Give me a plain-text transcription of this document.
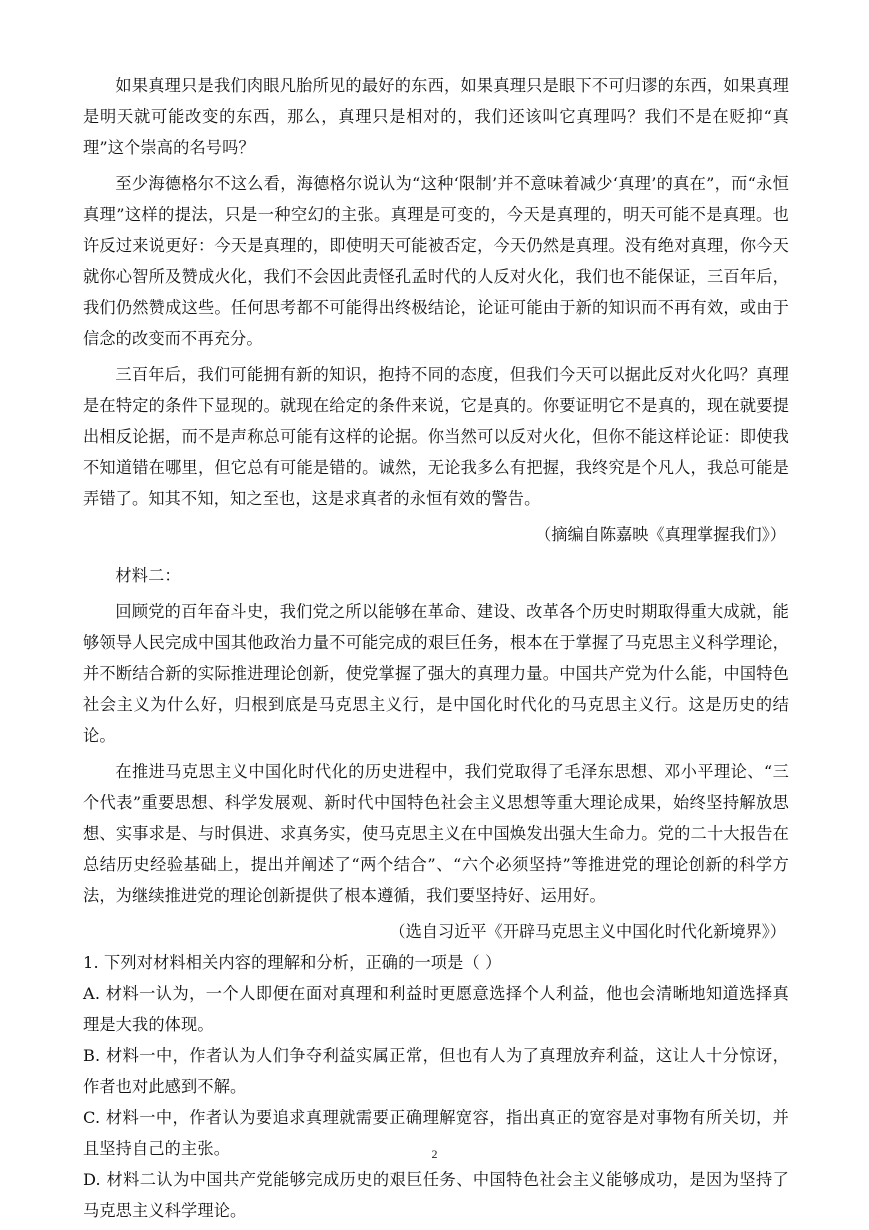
如果真理只是我们肉眼凡胎所见的最好的东西，如果真理只是眼下不可归谬的东西，如果真理是明天就可能改变的东西，那么，真理只是相对的，我们还该叫它真理吗？我们不是在贬抑“真理”这个崇高的名号吗？

至少海德格尔不这么看，海德格尔说认为“这种‘限制’并不意味着减少‘真理’的真在”，而“永恒真理”这样的提法，只是一种空幻的主张。真理是可变的，今天是真理的，明天可能不是真理。也许反过来说更好：今天是真理的，即使明天可能被否定，今天仍然是真理。没有绝对真理，你今天就你心智所及赞成火化，我们不会因此责怪孔孟时代的人反对火化，我们也不能保证，三百年后，我们仍然赞成这些。任何思考都不可能得出终极结论，论证可能由于新的知识而不再有效，或由于信念的改变而不再充分。

三百年后，我们可能拥有新的知识，抱持不同的态度，但我们今天可以据此反对火化吗？真理是在特定的条件下显现的。就现在给定的条件来说，它是真的。你要证明它不是真的，现在就要提出相反论据，而不是声称总可能有这样的论据。你当然可以反对火化，但你不能这样论证：即使我不知道错在哪里，但它总有可能是错的。诚然，无论我多么有把握，我终究是个凡人，我总可能是弄错了。知其不知，知之至也，这是求真者的永恒有效的警告。

（摘编自陈嘉映《真理掌握我们》）

材料二：

回顾党的百年奋斗史，我们党之所以能够在革命、建设、改革各个历史时期取得重大成就，能够领导人民完成中国其他政治力量不可能完成的艰巨任务，根本在于掌握了马克思主义科学理论，并不断结合新的实际推进理论创新，使党掌握了强大的真理力量。中国共产党为什么能，中国特色社会主义为什么好，归根到底是马克思主义行，是中国化时代化的马克思主义行。这是历史的结论。

在推进马克思主义中国化时代化的历史进程中，我们党取得了毛泽东思想、邓小平理论、“三个代表”重要思想、科学发展观、新时代中国特色社会主义思想等重大理论成果，始终坚持解放思想、实事求是、与时俱进、求真务实，使马克思主义在中国焕发出强大生命力。党的二十大报告在总结历史经验基础上，提出并阐述了“两个结合”、“六个必须坚持”等推进党的理论创新的科学方法，为继续推进党的理论创新提供了根本遵循，我们要坚持好、运用好。

（选自习近平《开辟马克思主义中国化时代化新境界》）

1. 下列对材料相关内容的理解和分析，正确的一项是（ ）

A. 材料一认为，一个人即便在面对真理和利益时更愿意选择个人利益，他也会清晰地知道选择真理是大我的体现。

B. 材料一中，作者认为人们争夺利益实属正常，但也有人为了真理放弃利益，这让人十分惊讶，作者也对此感到不解。

C. 材料一中，作者认为要追求真理就需要正确理解宽容，指出真正的宽容是对事物有所关切，并且坚持自己的主张。

D. 材料二认为中国共产党能够完成历史的艰巨任务、中国特色社会主义能够成功，是因为坚持了马克思主义科学理论。

2
